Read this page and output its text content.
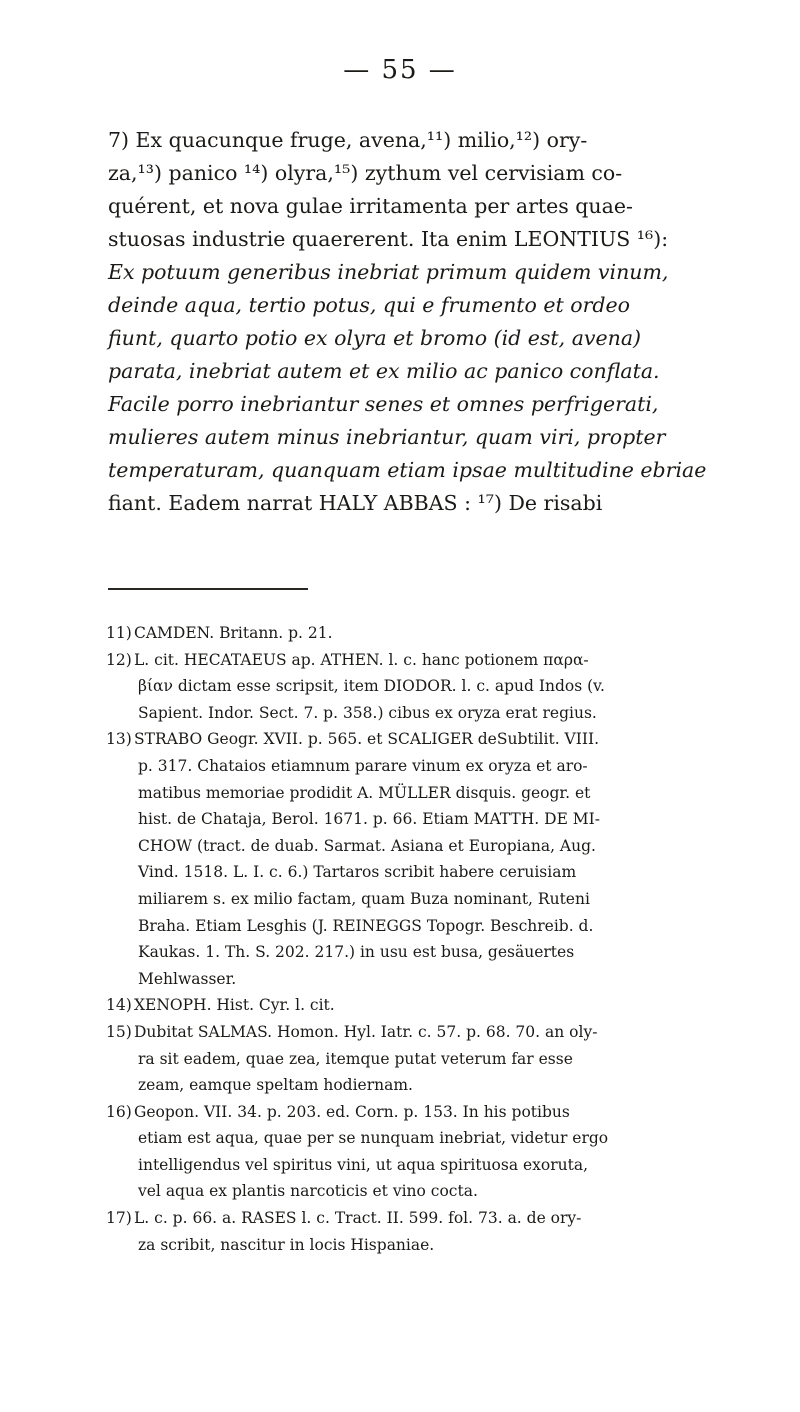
— 55 —
7) Ex quacunque fruge, avena,¹¹) milio,¹²) ory-
za,¹³) panico ¹⁴) olyra,¹⁵) zythum vel cervisiam co-
quérent, et nova gulae irritamenta per artes quae-
stuosas industrie quaererent. Ita enim LEONTIUS ¹⁶):
Ex potuum generibus inebriat primum quidem vinum,
deinde aqua, tertio potus, qui e frumento et ordeo
fiunt, quarto potio ex olyra et bromo (id est, avena)
parata, inebriat autem et ex milio ac panico conflata.
Facile porro inebriantur senes et omnes perfrigerati,
mulieres autem minus inebriantur, quam viri, propter
temperaturam, quanquam etiam ipsae multitudine ebriae
fiant. Eadem narrat HALY ABBAS : ¹⁷) De risabi
11) CAMDEN. Britann. p. 21.
12) L. cit. HECATAEUS ap. ATHEN. l. c. hanc potionem παρα-
βίαν dictam esse scripsit, item DIODOR. l. c. apud Indos (v.
Sapient. Indor. Sect. 7. p. 358.) cibus ex oryza erat regius.
13) STRABO Geogr. XVII. p. 565. et SCALIGER deSubtilit. VIII.
p. 317. Chataios etiamnum parare vinum ex oryza et aro-
matibus memoriae prodidit A. MÜLLER disquis. geogr. et
hist. de Chataja, Berol. 1671. p. 66. Etiam MATTH. DE MI-
CHOW (tract. de duab. Sarmat. Asiana et Europiana, Aug.
Vind. 1518. L. I. c. 6.) Tartaros scribit habere ceruisiam
miliarem s. ex milio factam, quam Buza nominant, Ruteni
Braha. Etiam Lesghis (J. REINEGGS Topogr. Beschreib. d.
Kaukas. 1. Th. S. 202. 217.) in usu est busa, gesäuertes
Mehlwasser.
14) XENOPH. Hist. Cyr. l. cit.
15) Dubitat SALMAS. Homon. Hyl. Iatr. c. 57. p. 68. 70. an oly-
ra sit eadem, quae zea, itemque putat veterum far esse
zeam, eamque speltam hodiernam.
16) Geopon. VII. 34. p. 203. ed. Corn. p. 153. In his potibus
etiam est aqua, quae per se nunquam inebriat, videtur ergo
intelligendus vel spiritus vini, ut aqua spirituosa exoruta,
vel aqua ex plantis narcoticis et vino cocta.
17) L. c. p. 66. a. RASES l. c. Tract. II. 599. fol. 73. a. de ory-
za scribit, nascitur in locis Hispaniae.
